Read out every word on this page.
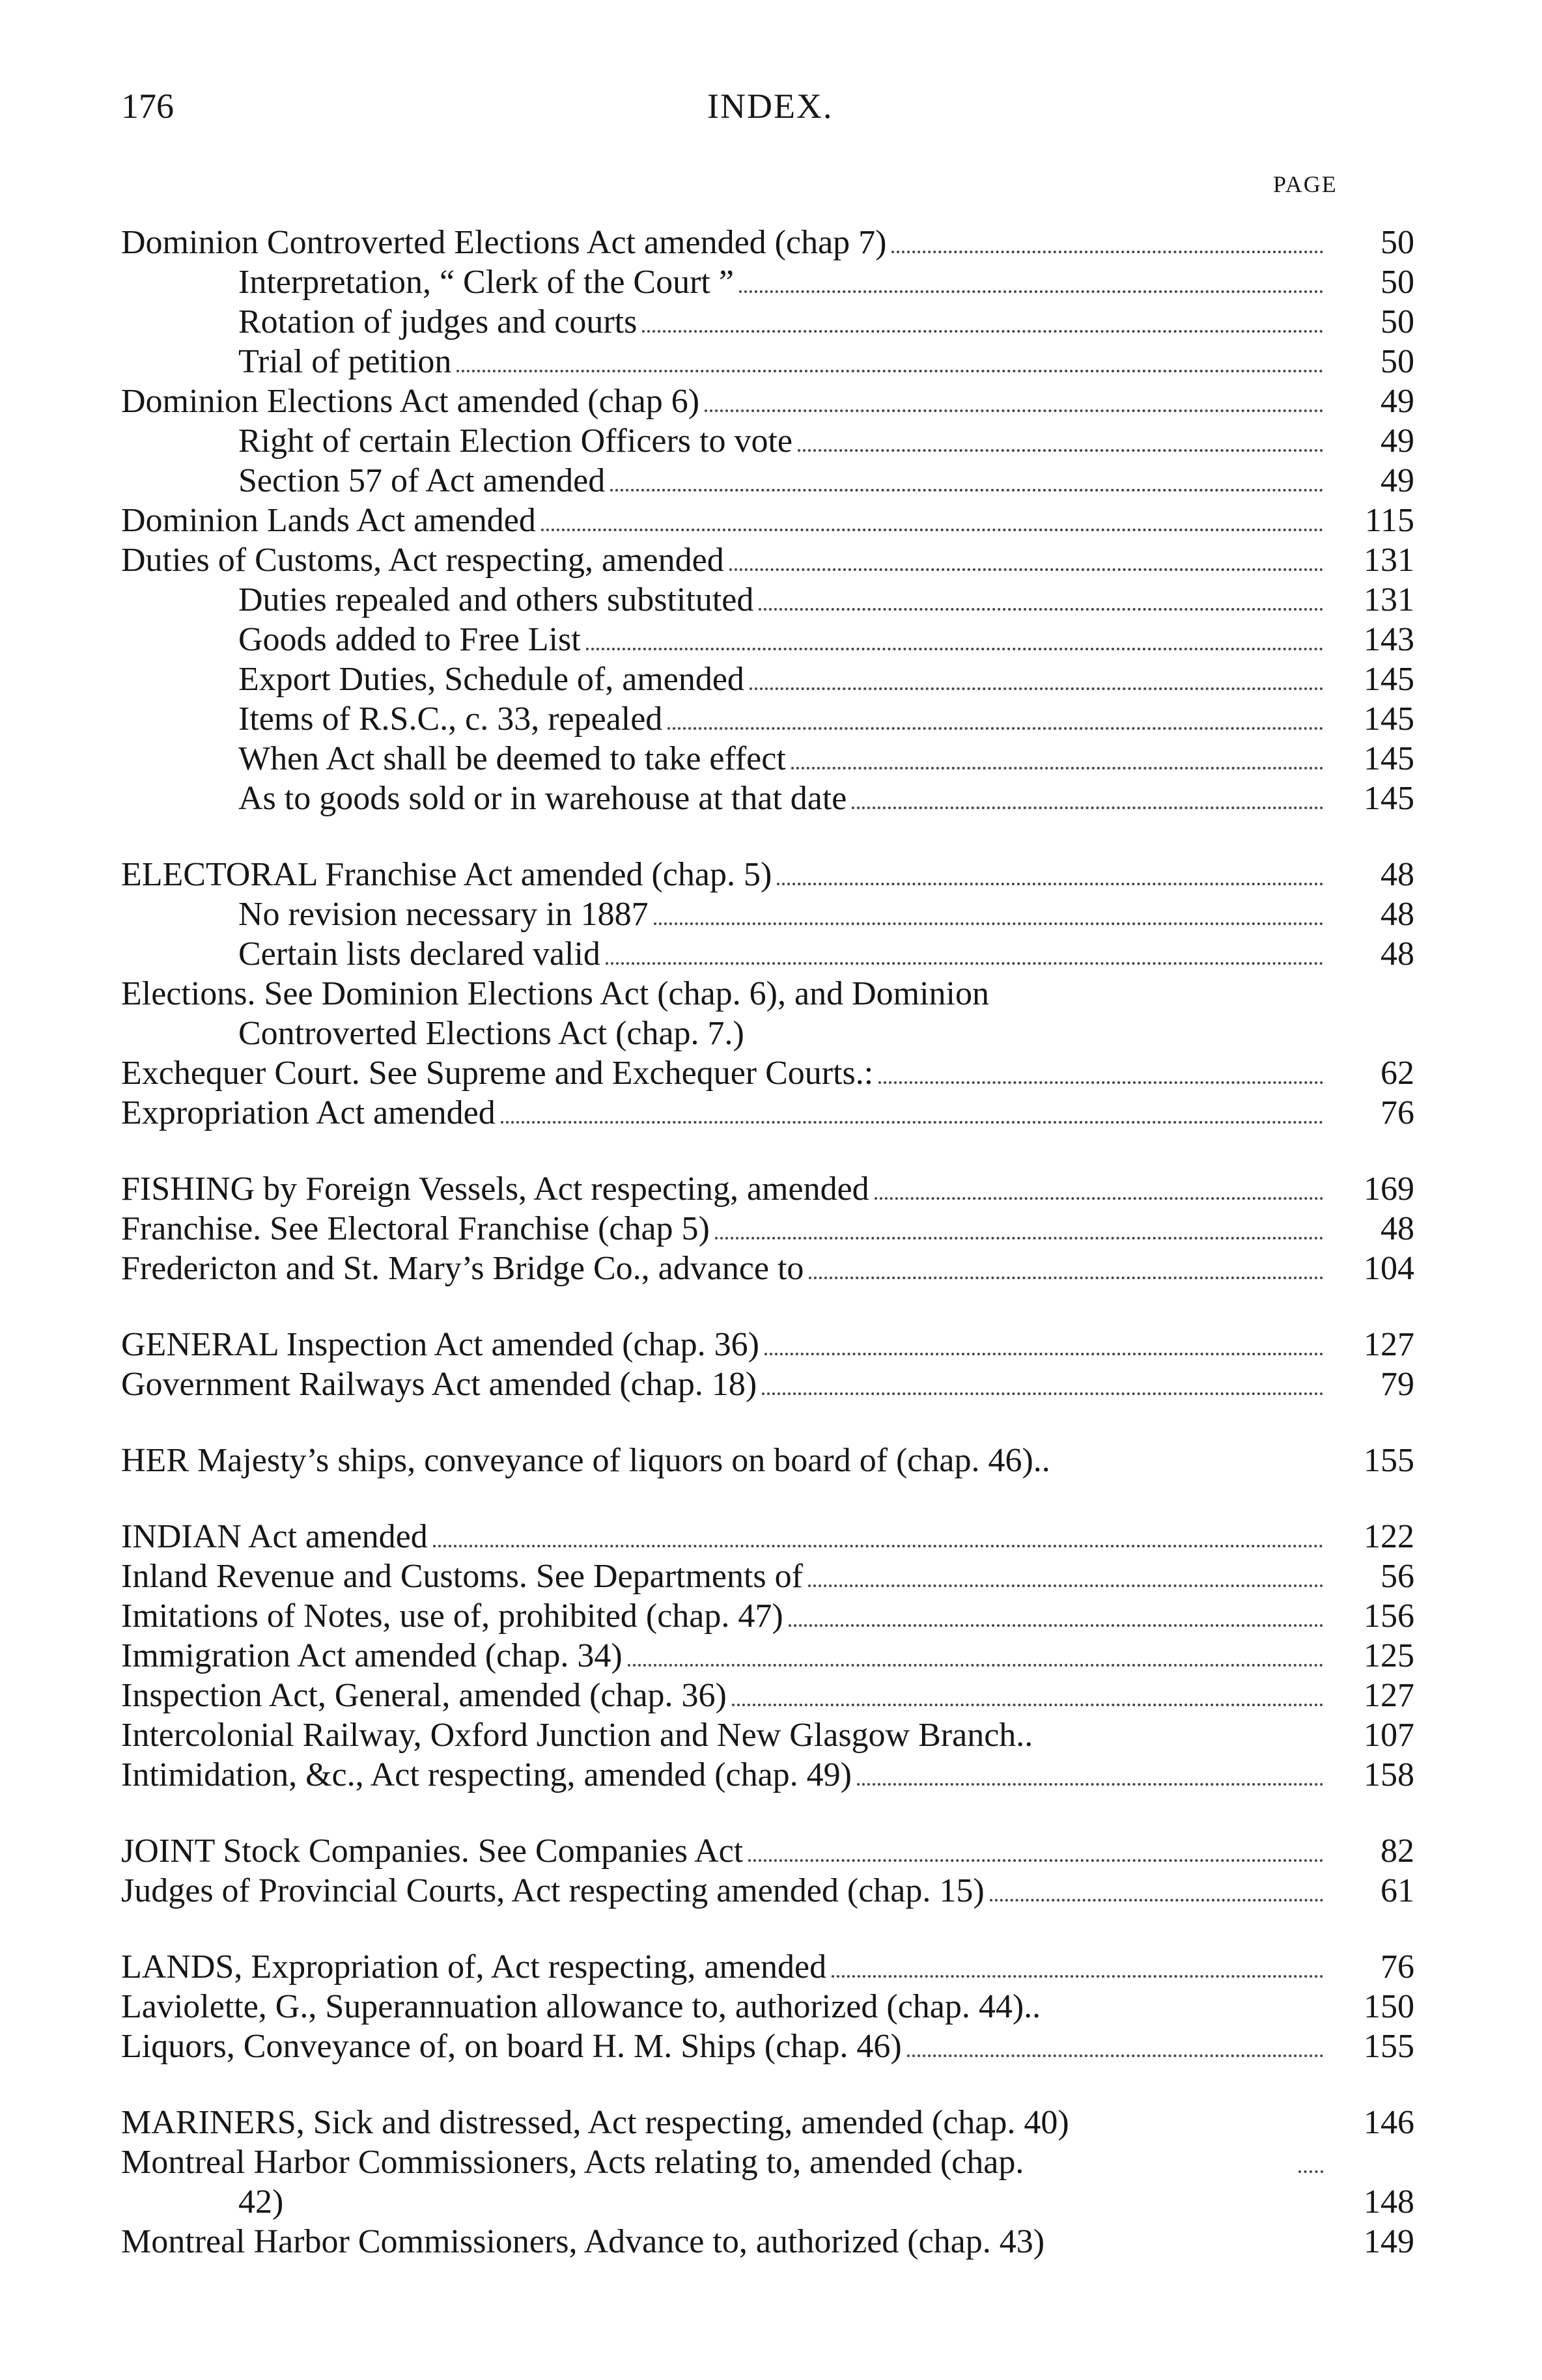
176	INDEX.
PAGE
Dominion Controverted Elections Act amended (chap 7)	50
Interpretation, “ Clerk of the Court ”	50
Rotation of judges and courts	50
Trial of petition	50
Dominion Elections Act amended (chap 6)	49
Right of certain Election Officers to vote	49
Section 57 of Act amended	49
Dominion Lands Act amended	115
Duties of Customs, Act respecting, amended	131
Duties repealed and others substituted	131
Goods added to Free List	143
Export Duties, Schedule of, amended	145
Items of R.S.C., c. 33, repealed	145
When Act shall be deemed to take effect	145
As to goods sold or in warehouse at that date	145
ELECTORAL Franchise Act amended (chap. 5)	48
No revision necessary in 1887	48
Certain lists declared valid	48
Elections. See Dominion Elections Act (chap. 6), and Dominion
Controverted Elections Act (chap. 7.)
Exchequer Court. See Supreme and Exchequer Courts.:	62
Expropriation Act amended	76
FISHING by Foreign Vessels, Act respecting, amended	169
Franchise. See Electoral Franchise (chap 5)	48
Fredericton and St. Mary’s Bridge Co., advance to	104
GENERAL Inspection Act amended (chap. 36)	127
Government Railways Act amended (chap. 18)	79
HER Majesty’s ships, conveyance of liquors on board of (chap. 46)..	155
INDIAN Act amended	122
Inland Revenue and Customs. See Departments of	56
Imitations of Notes, use of, prohibited (chap. 47)	156
Immigration Act amended (chap. 34)	125
Inspection Act, General, amended (chap. 36)	127
Intercolonial Railway, Oxford Junction and New Glasgow Branch..	107
Intimidation, &c., Act respecting, amended (chap. 49)	158
JOINT Stock Companies. See Companies Act	82
Judges of Provincial Courts, Act respecting amended (chap. 15)	61
LANDS, Expropriation of, Act respecting, amended	76
Laviolette, G., Superannuation allowance to, authorized (chap. 44)..	150
Liquors, Conveyance of, on board H. M. Ships (chap. 46)	155
MARINERS, Sick and distressed, Act respecting, amended (chap. 40)	146
Montreal Harbor Commissioners, Acts relating to, amended (chap.
42)	148
Montreal Harbor Commissioners, Advance to, authorized (chap. 43)	149
